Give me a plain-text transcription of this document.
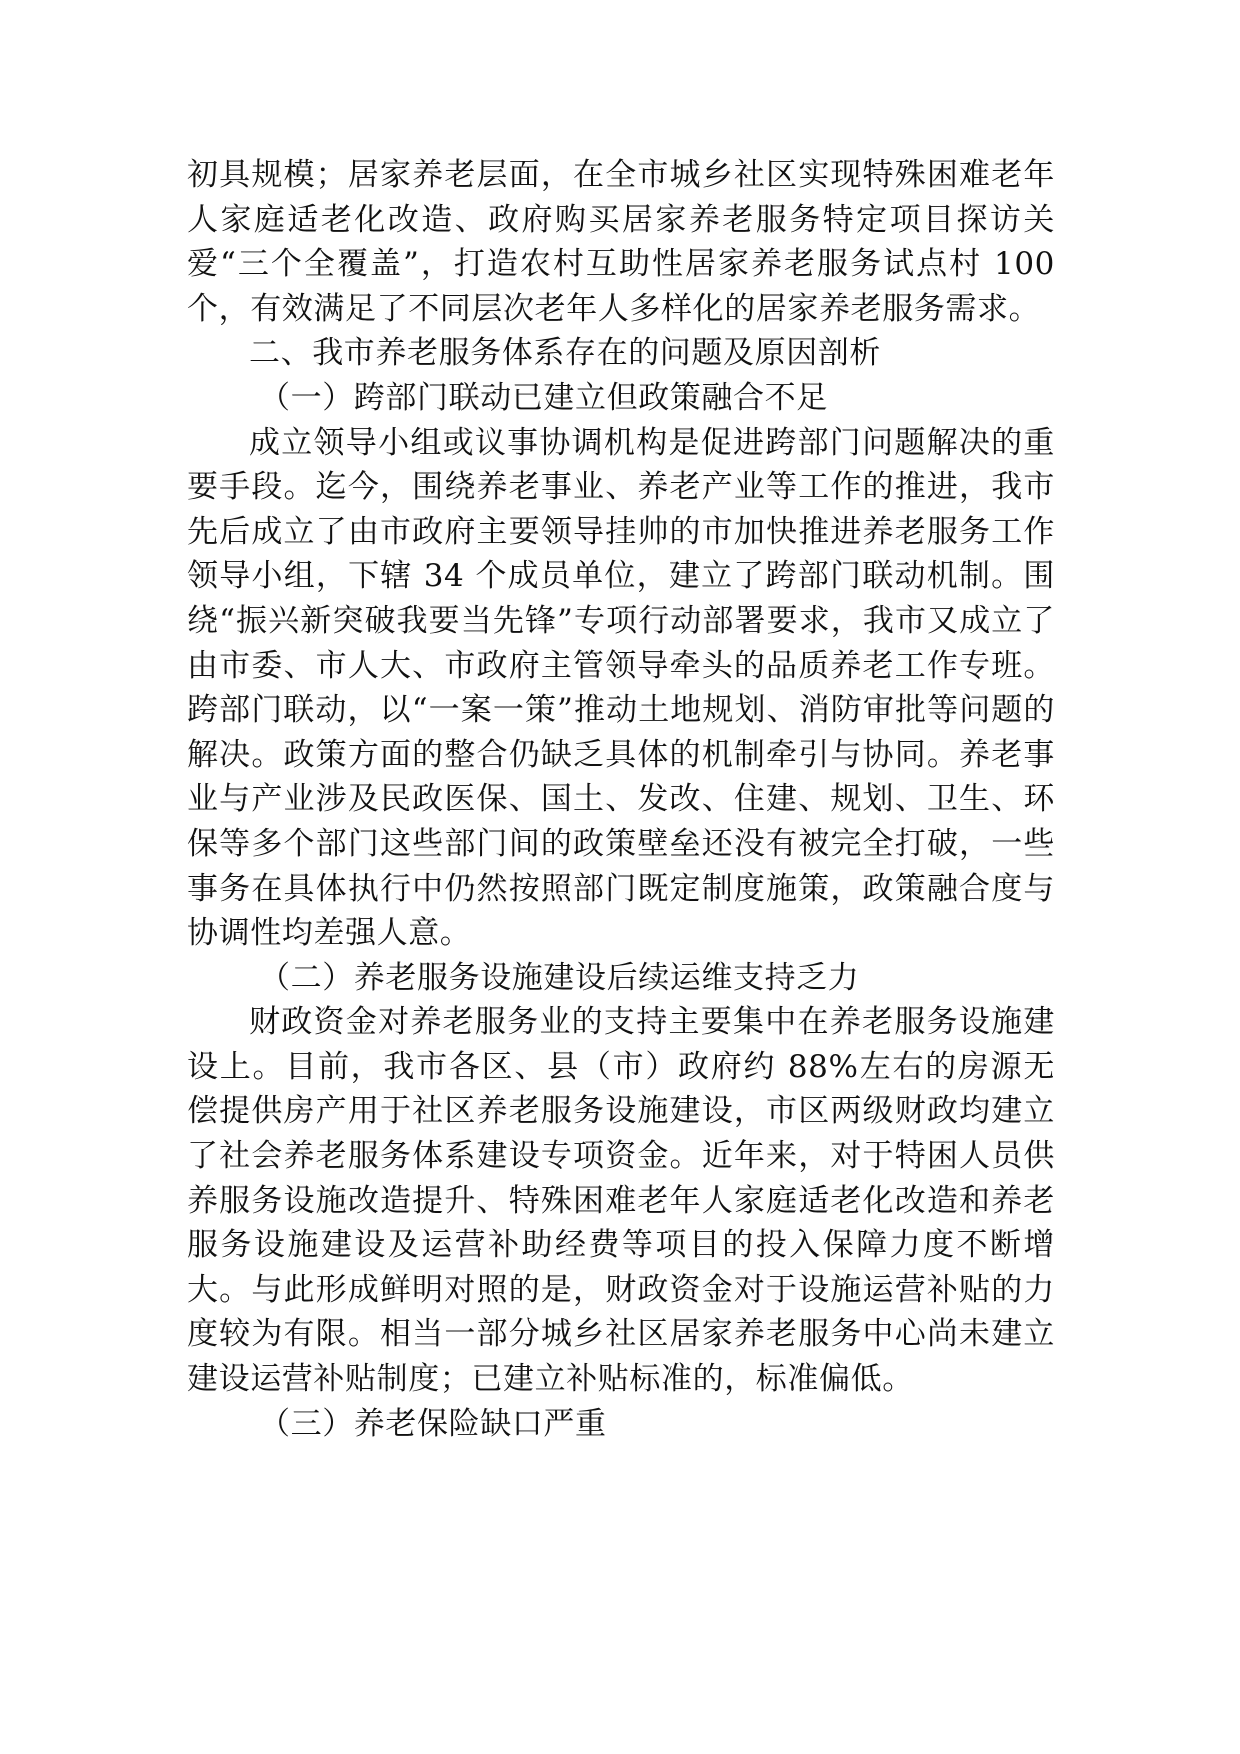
初具规模；居家养老层面，在全市城乡社区实现特殊困难老年人家庭适老化改造、政府购买居家养老服务特定项目探访关爱“三个全覆盖”，打造农村互助性居家养老服务试点村 100 个，有效满足了不同层次老年人多样化的居家养老服务需求。

二、我市养老服务体系存在的问题及原因剖析

（一）跨部门联动已建立但政策融合不足

成立领导小组或议事协调机构是促进跨部门问题解决的重要手段。迄今，围绕养老事业、养老产业等工作的推进，我市先后成立了由市政府主要领导挂帅的市加快推进养老服务工作领导小组，下辖 34 个成员单位，建立了跨部门联动机制。围绕“振兴新突破我要当先锋”专项行动部署要求，我市又成立了由市委、市人大、市政府主管领导牵头的品质养老工作专班。跨部门联动，以“一案一策”推动土地规划、消防审批等问题的解决。政策方面的整合仍缺乏具体的机制牵引与协同。养老事业与产业涉及民政医保、国土、发改、住建、规划、卫生、环保等多个部门这些部门间的政策壁垒还没有被完全打破，一些事务在具体执行中仍然按照部门既定制度施策，政策融合度与协调性均差强人意。

（二）养老服务设施建设后续运维支持乏力

财政资金对养老服务业的支持主要集中在养老服务设施建设上。目前，我市各区、县（市）政府约 88%左右的房源无偿提供房产用于社区养老服务设施建设，市区两级财政均建立了社会养老服务体系建设专项资金。近年来，对于特困人员供养服务设施改造提升、特殊困难老年人家庭适老化改造和养老服务设施建设及运营补助经费等项目的投入保障力度不断增大。与此形成鲜明对照的是，财政资金对于设施运营补贴的力度较为有限。相当一部分城乡社区居家养老服务中心尚未建立建设运营补贴制度；已建立补贴标准的，标准偏低。

（三）养老保险缺口严重
